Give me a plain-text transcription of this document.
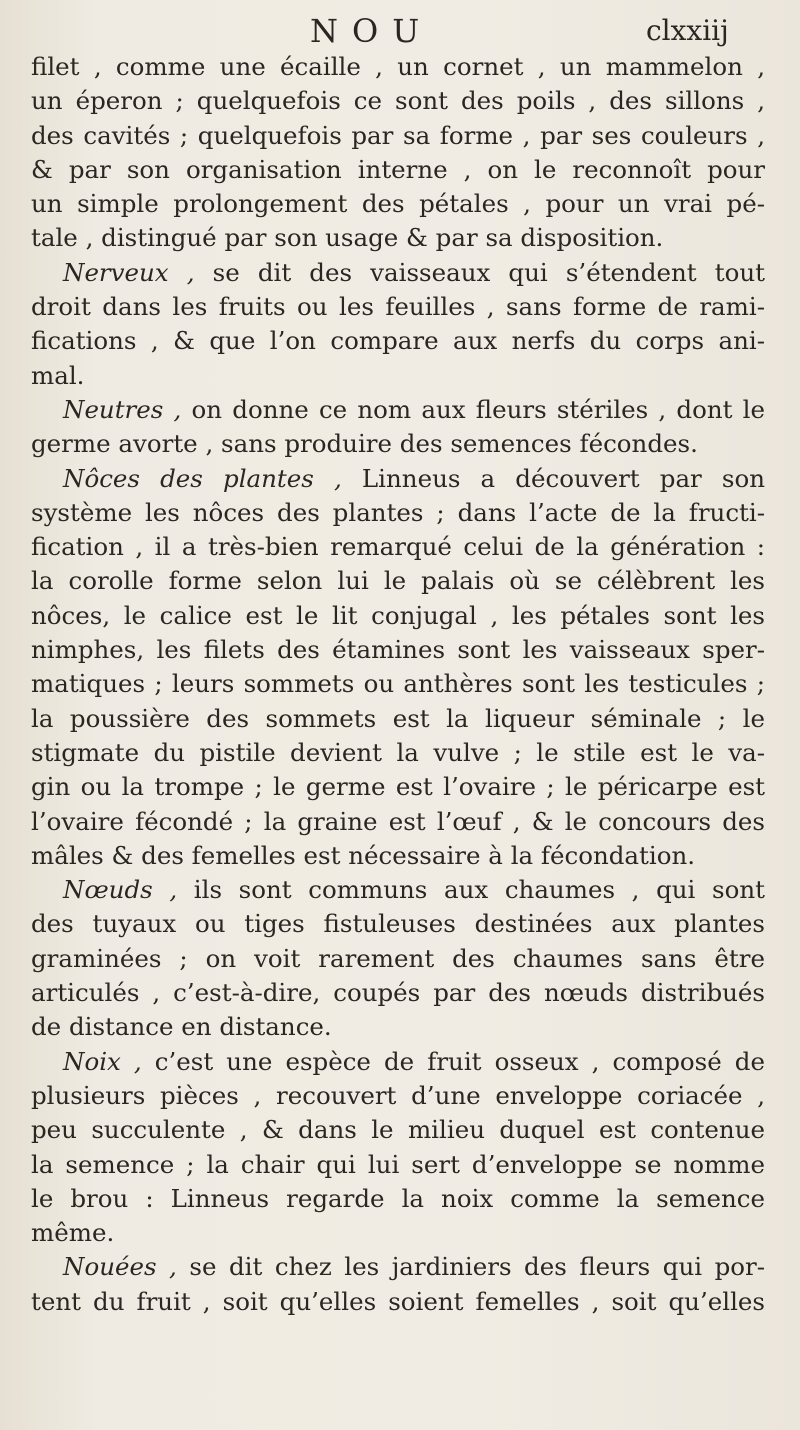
NOU	clxxiij
filet , comme une écaille , un cornet , un mammelon ,
un éperon ; quelquefois ce sont des poils , des sillons ,
des cavités ; quelquefois par sa forme , par ses couleurs ,
& par son organisation interne , on le reconnoît pour
un simple prolongement des pétales , pour un vrai pé-
tale , distingué par son usage & par sa disposition.
Nerveux , se dit des vaisseaux qui s’étendent tout
droit dans les fruits ou les feuilles , sans forme de rami-
fications , & que l’on compare aux nerfs du corps ani-
mal.
Neutres , on donne ce nom aux fleurs stériles , dont le
germe avorte , sans produire des semences fécondes.
Nôces des plantes , Linneus a découvert par son
système les nôces des plantes ; dans l’acte de la fructi-
fication , il a très-bien remarqué celui de la génération :
la corolle forme selon lui le palais où se célèbrent les
nôces, le calice est le lit conjugal , les pétales sont les
nimphes, les filets des étamines sont les vaisseaux sper-
matiques ; leurs sommets ou anthères sont les testicules ;
la poussière des sommets est la liqueur séminale ; le
stigmate du pistile devient la vulve ; le stile est le va-
gin ou la trompe ; le germe est l’ovaire ; le péricarpe est
l’ovaire fécondé ; la graine est l’œuf , & le concours des
mâles & des femelles est nécessaire à la fécondation.
Nœuds , ils sont communs aux chaumes , qui sont
des tuyaux ou tiges fistuleuses destinées aux plantes
graminées ; on voit rarement des chaumes sans être
articulés , c’est-à-dire, coupés par des nœuds distribués
de distance en distance.
Noix , c’est une espèce de fruit osseux , composé de
plusieurs pièces , recouvert d’une enveloppe coriacée ,
peu succulente , & dans le milieu duquel est contenue
la semence ; la chair qui lui sert d’enveloppe se nomme
le brou : Linneus regarde la noix comme la semence
même.
Nouées , se dit chez les jardiniers des fleurs qui por-
tent du fruit , soit qu’elles soient femelles , soit qu’elles
